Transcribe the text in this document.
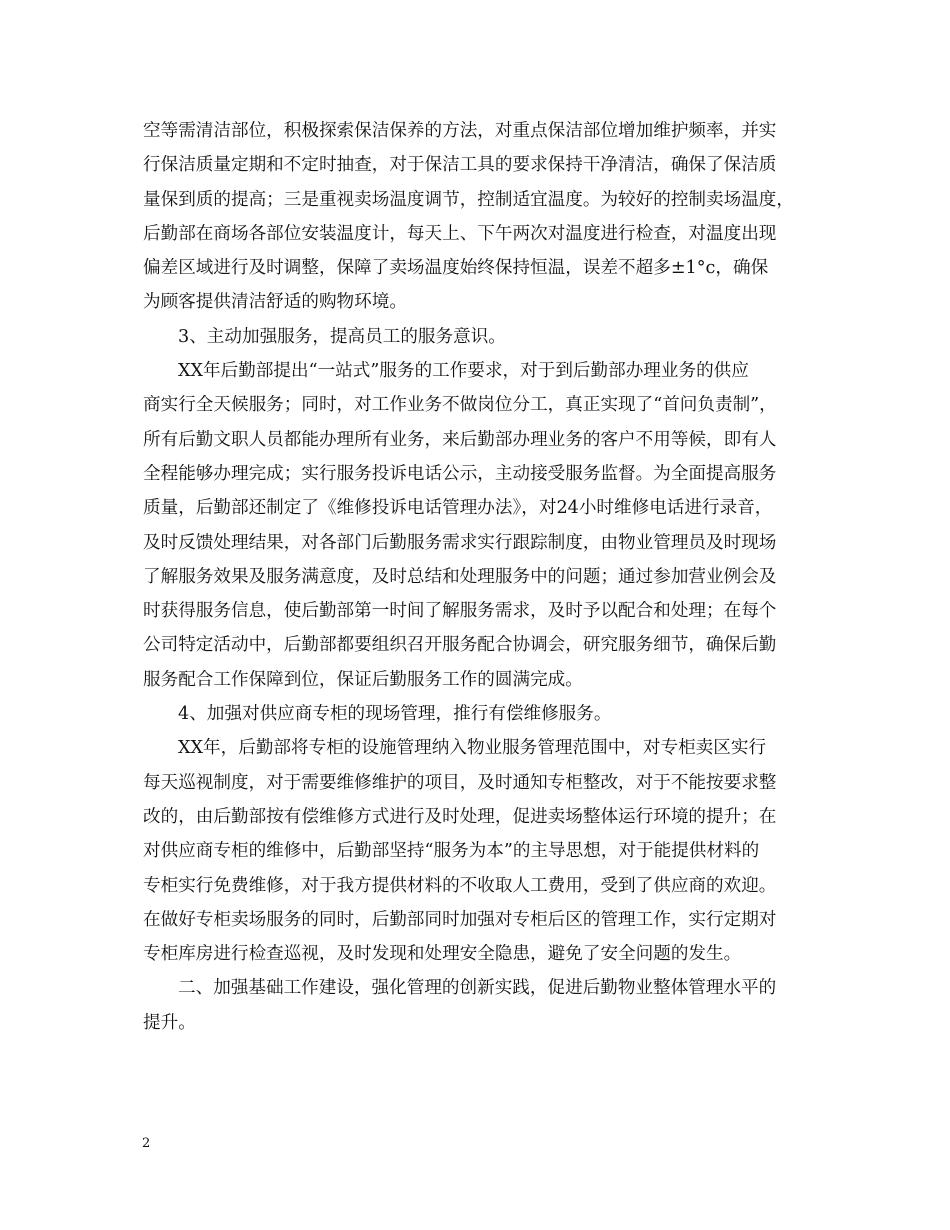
空等需清洁部位，积极探索保洁保养的方法，对重点保洁部位增加维护频率，并实
行保洁质量定期和不定时抽查，对于保洁工具的要求保持干净清洁，确保了保洁质
量保到质的提高；三是重视卖场温度调节，控制适宜温度。为较好的控制卖场温度，
后勤部在商场各部位安装温度计，每天上、下午两次对温度进行检查，对温度出现
偏差区域进行及时调整，保障了卖场温度始终保持恒温，误差不超多±1°c，确保
为顾客提供清洁舒适的购物环境。
3、主动加强服务，提高员工的服务意识。
XX年后勤部提出“一站式”服务的工作要求，对于到后勤部办理业务的供应
商实行全天候服务；同时，对工作业务不做岗位分工，真正实现了“首问负责制”，
所有后勤文职人员都能办理所有业务，来后勤部办理业务的客户不用等候，即有人
全程能够办理完成；实行服务投诉电话公示，主动接受服务监督。为全面提高服务
质量，后勤部还制定了《维修投诉电话管理办法》，对24小时维修电话进行录音，
及时反馈处理结果，对各部门后勤服务需求实行跟踪制度，由物业管理员及时现场
了解服务效果及服务满意度，及时总结和处理服务中的问题；通过参加营业例会及
时获得服务信息，使后勤部第一时间了解服务需求，及时予以配合和处理；在每个
公司特定活动中，后勤部都要组织召开服务配合协调会，研究服务细节，确保后勤
服务配合工作保障到位，保证后勤服务工作的圆满完成。
4、加强对供应商专柜的现场管理，推行有偿维修服务。
XX年，后勤部将专柜的设施管理纳入物业服务管理范围中，对专柜卖区实行
每天巡视制度，对于需要维修维护的项目，及时通知专柜整改，对于不能按要求整
改的，由后勤部按有偿维修方式进行及时处理，促进卖场整体运行环境的提升；在
对供应商专柜的维修中，后勤部坚持“服务为本”的主导思想，对于能提供材料的
专柜实行免费维修，对于我方提供材料的不收取人工费用，受到了供应商的欢迎。
在做好专柜卖场服务的同时，后勤部同时加强对专柜后区的管理工作，实行定期对
专柜库房进行检查巡视，及时发现和处理安全隐患，避免了安全问题的发生。
二、加强基础工作建设，强化管理的创新实践，促进后勤物业整体管理水平的
提升。
2
